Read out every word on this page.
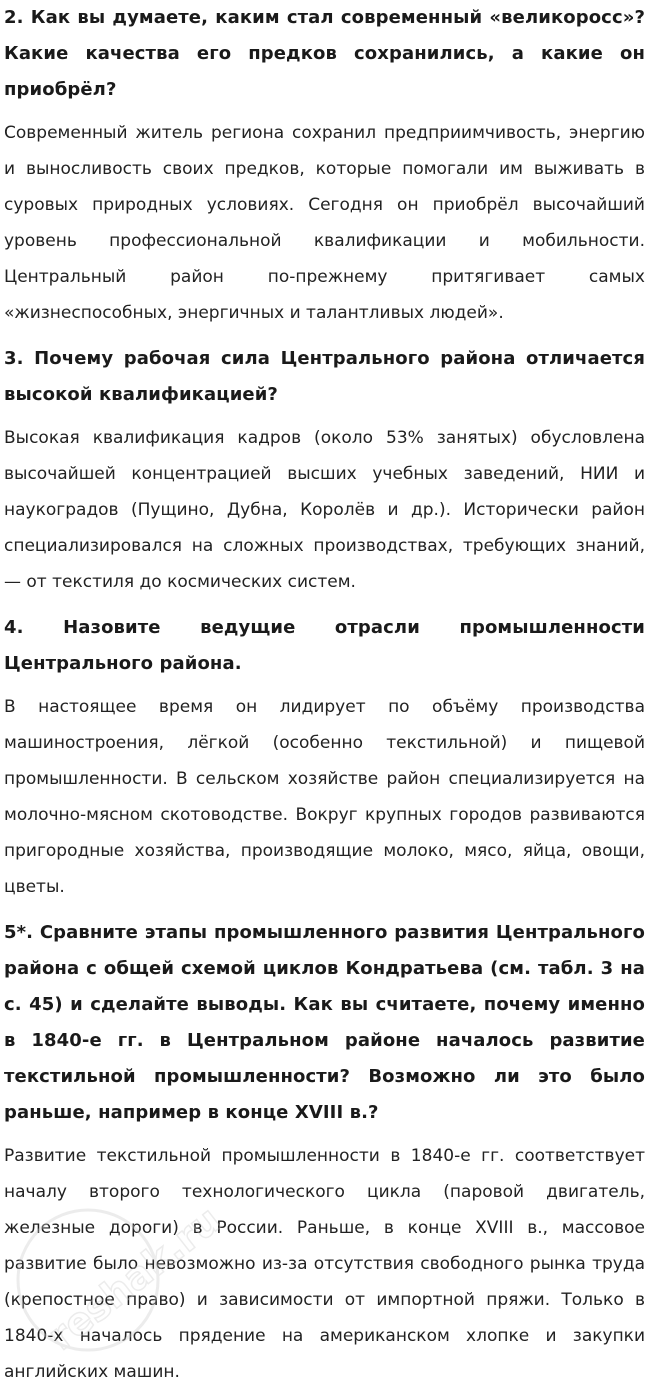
2. Как вы думаете, каким стал современный «великоросс»? Какие качества его предков сохранились, а какие он приобрёл?

Современный житель региона сохранил предприимчивость, энергию и выносливость своих предков, которые помогали им выживать в суровых природных условиях. Сегодня он приобрёл высочайший уровень профессиональной квалификации и мобильности. Центральный район по-прежнему притягивает самых «жизнеспособных, энергичных и талантливых людей».

3. Почему рабочая сила Центрального района отличается высокой квалификацией?

Высокая квалификация кадров (около 53% занятых) обусловлена высочайшей концентрацией высших учебных заведений, НИИ и наукоградов (Пущино, Дубна, Королёв и др.). Исторически район специализировался на сложных производствах, требующих знаний, — от текстиля до космических систем.

4. Назовите ведущие отрасли промышленности Центрального района.

В настоящее время он лидирует по объёму производства машиностроения, лёгкой (особенно текстильной) и пищевой промышленности. В сельском хозяйстве район специализируется на молочно-мясном скотоводстве. Вокруг крупных городов развиваются пригородные хозяйства, производящие молоко, мясо, яйца, овощи, цветы.

5*. Сравните этапы промышленного развития Центрального района с общей схемой циклов Кондратьева (см. табл. 3 на с. 45) и сделайте выводы. Как вы считаете, почему именно в 1840-е гг. в Центральном районе началось развитие текстильной промышленности? Возможно ли это было раньше, например в конце XVIII в.?

Развитие текстильной промышленности в 1840-е гг. соответствует началу второго технологического цикла (паровой двигатель, железные дороги) в России. Раньше, в конце XVIII в., массовое развитие было невозможно из-за отсутствия свободного рынка труда (крепостное право) и зависимости от импортной пряжи. Только в 1840-х началось прядение на американском хлопке и закупки английских машин.

reshak.ru
